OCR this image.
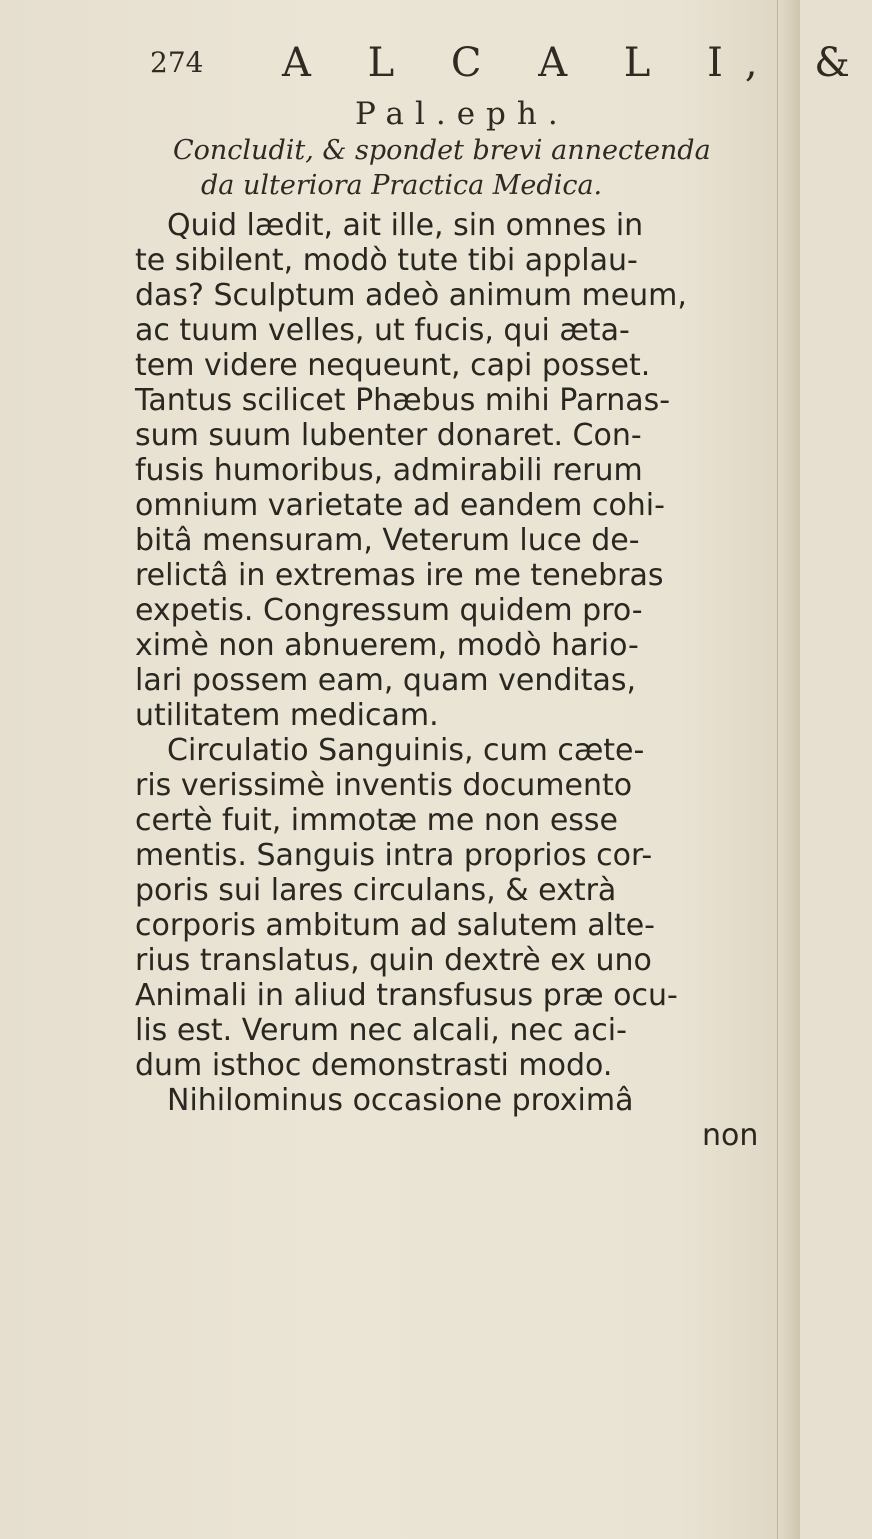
274 A L C A L I, &
Pal.eph.
Concludit, & spondet brevi annectenda
da ulteriora Practica Medica.
Quid lædit, ait ille, sin omnes in
te sibilent, modò tute tibi applau-
das? Sculptum adeò animum meum,
ac tuum velles, ut fucis, qui æta-
tem videre nequeunt, capi posset.
Tantus scilicet Phæbus mihi Parnas-
sum suum lubenter donaret. Con-
fusis humoribus, admirabili rerum
omnium varietate ad eandem cohi-
bitâ mensuram, Veterum luce de-
relictâ in extremas ire me tenebras
expetis. Congressum quidem pro-
ximè non abnuerem, modò hario-
lari possem eam, quam venditas,
utilitatem medicam.
Circulatio Sanguinis, cum cæte-
ris verissimè inventis documento
certè fuit, immotæ me non esse
mentis. Sanguis intra proprios cor-
poris sui lares circulans, & extrà
corporis ambitum ad salutem alte-
rius translatus, quin dextrè ex uno
Animali in aliud transfusus præ ocu-
lis est. Verum nec alcali, nec aci-
dum isthoc demonstrasti modo.
Nihilominus occasione proximâ
non
